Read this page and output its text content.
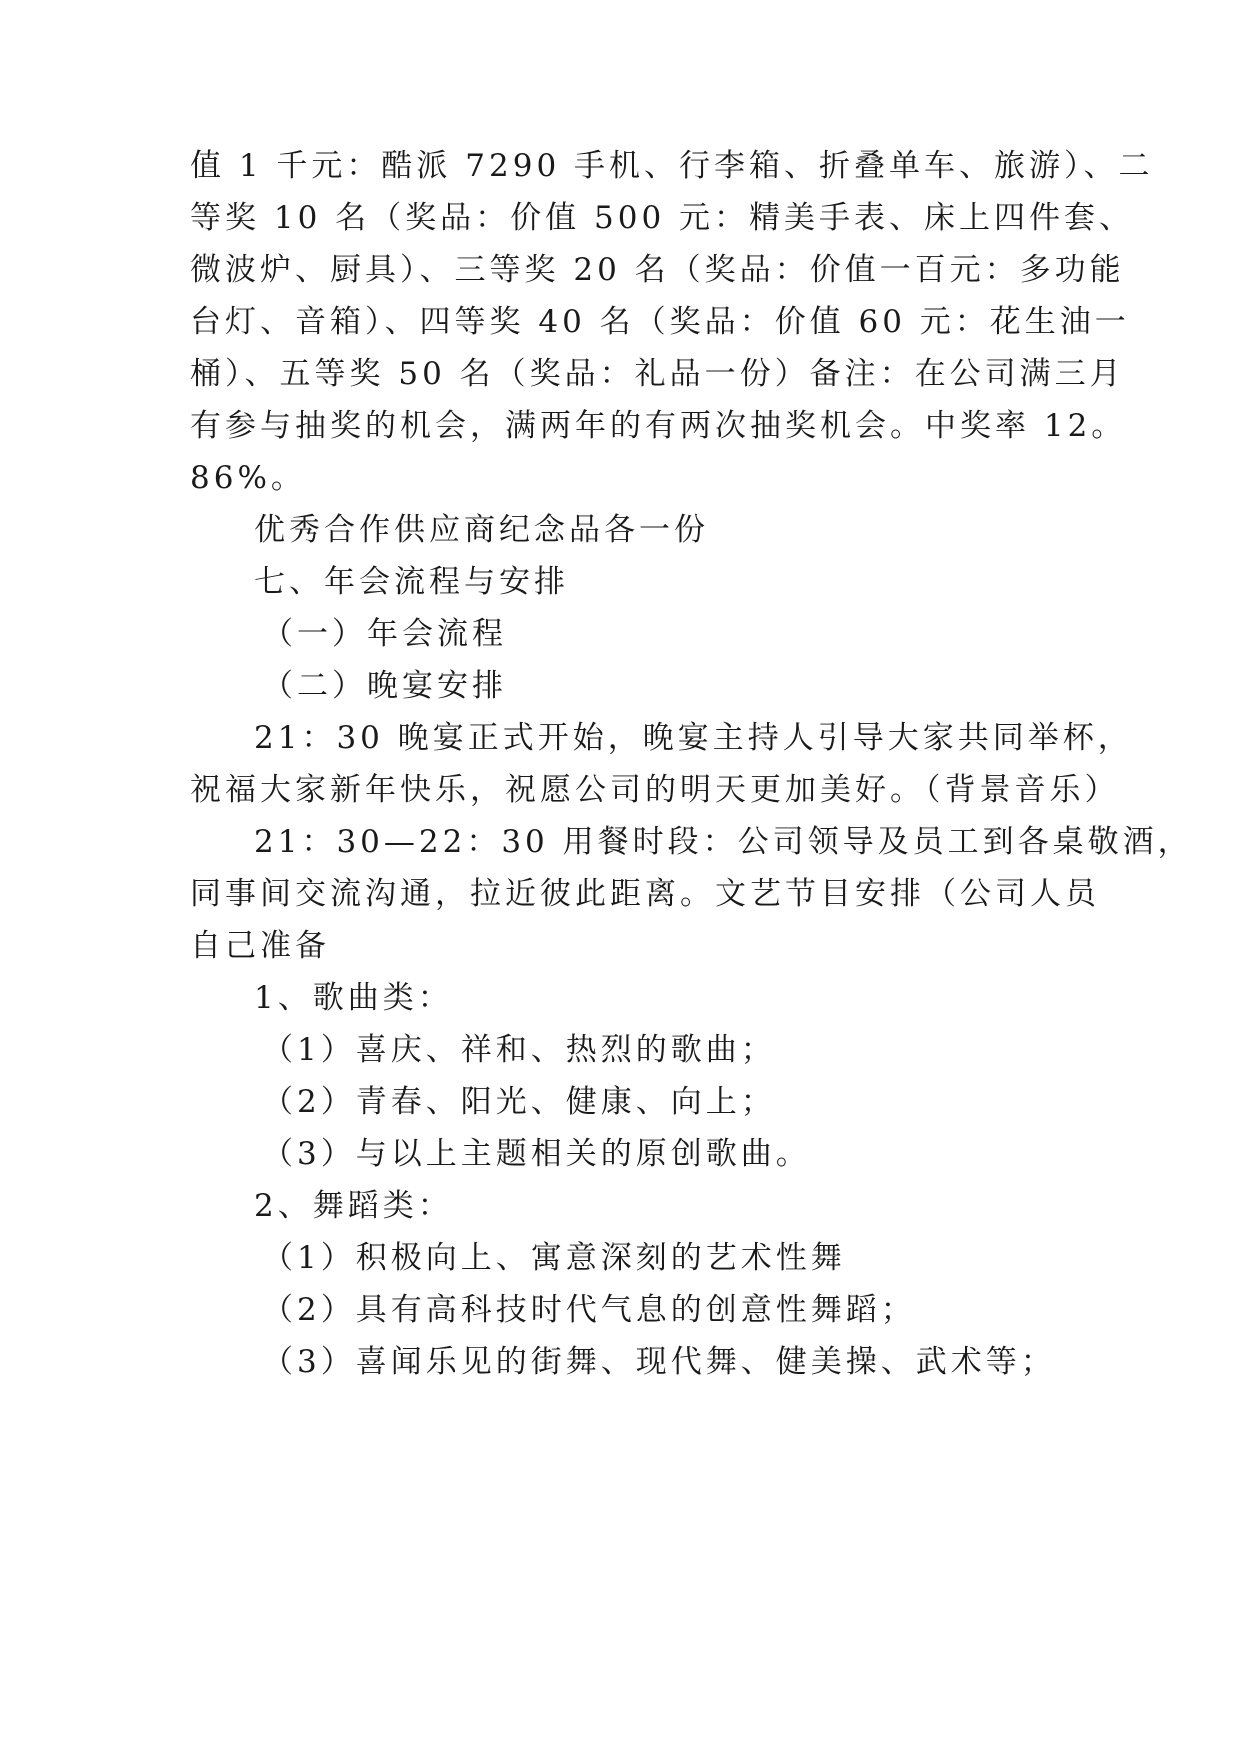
值 1 千元：酷派 7290 手机、行李箱、折叠单车、旅游）、二
等奖 10 名（奖品：价值 500 元：精美手表、床上四件套、
微波炉、厨具）、三等奖 20 名（奖品：价值一百元：多功能
台灯、音箱）、四等奖 40 名（奖品：价值 60 元：花生油一
桶）、五等奖 50 名（奖品：礼品一份）备注：在公司满三月
有参与抽奖的机会，满两年的有两次抽奖机会。中奖率 12。
86%。
优秀合作供应商纪念品各一份
七、年会流程与安排
（一）年会流程
（二）晚宴安排
21：30 晚宴正式开始，晚宴主持人引导大家共同举杯，
祝福大家新年快乐，祝愿公司的明天更加美好。（背景音乐）
21：30—22：30 用餐时段：公司领导及员工到各桌敬酒，
同事间交流沟通，拉近彼此距离。文艺节目安排（公司人员
自己准备
1、歌曲类：
（1）喜庆、祥和、热烈的歌曲；
（2）青春、阳光、健康、向上；
（3）与以上主题相关的原创歌曲。
2、舞蹈类：
（1）积极向上、寓意深刻的艺术性舞
（2）具有高科技时代气息的创意性舞蹈；
（3）喜闻乐见的街舞、现代舞、健美操、武术等；
